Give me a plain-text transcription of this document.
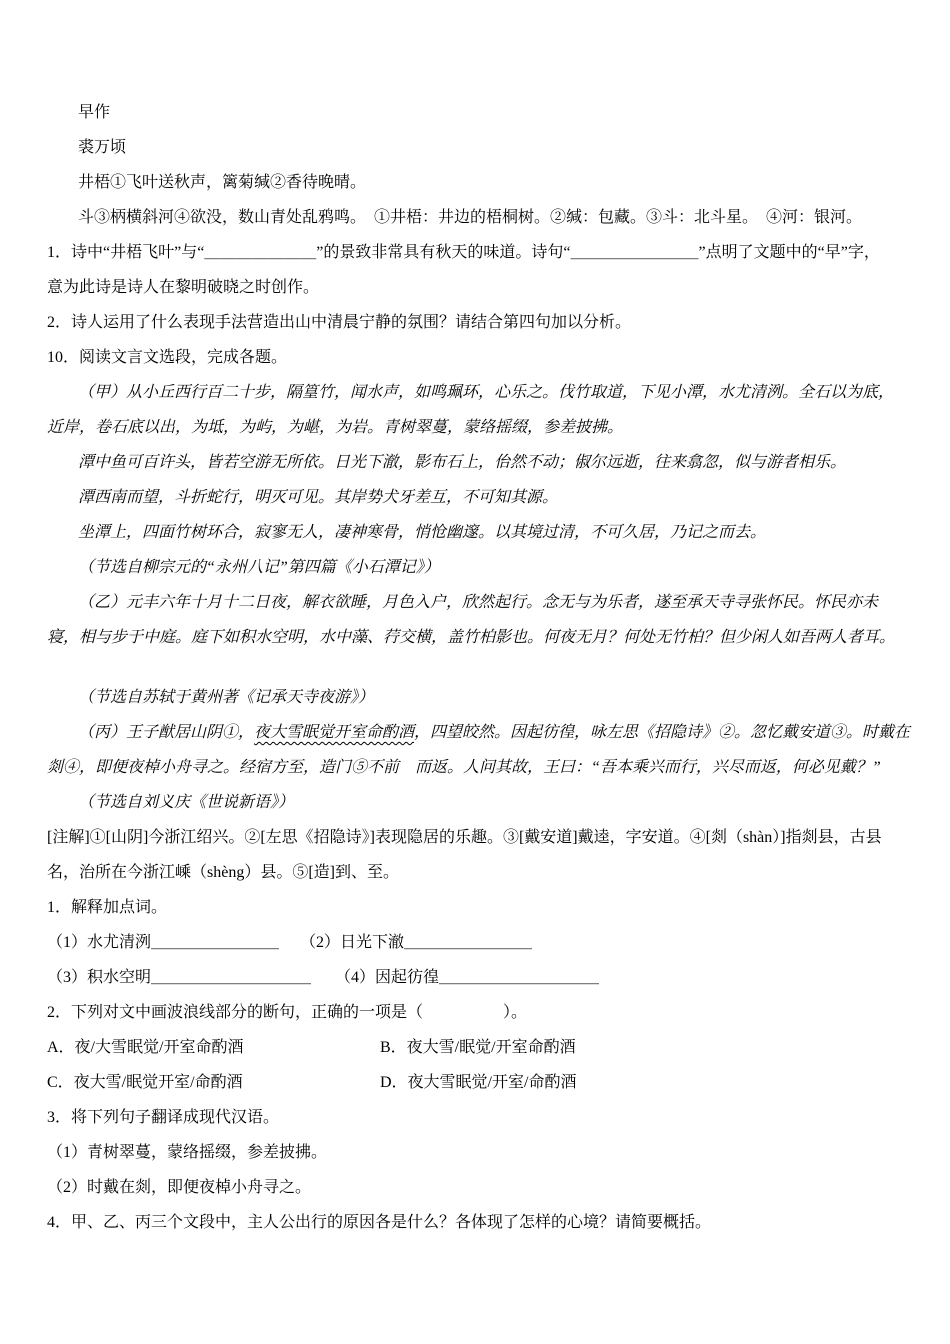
早作

裘万顷

井梧①飞叶送秋声，篱菊缄②香待晚晴。

斗③柄横斜河④欲没，数山青处乱鸦鸣。　①井梧：井边的梧桐树。②缄：包藏。③斗：北斗星。　④河：银河。

1．诗中“井梧飞叶”与“＿＿＿＿＿＿＿”的景致非常具有秋天的味道。诗句“＿＿＿＿＿＿＿＿”点明了文题中的“早”字，

意为此诗是诗人在黎明破晓之时创作。

2．诗人运用了什么表现手法营造出山中清晨宁静的氛围？请结合第四句加以分析。

10．阅读文言文选段，完成各题。

（甲）从小丘西行百二十步，隔篁竹，闻水声，如鸣珮环，心乐之。伐竹取道，下见小潭，水尤清洌。全石以为底，

近岸，卷石底以出，为坻，为屿，为嵁，为岩。青树翠蔓，蒙络摇缀，参差披拂。

潭中鱼可百许头，皆若空游无所依。日光下澈，影布石上，佁然不动；俶尔远逝，往来翕忽，似与游者相乐。

潭西南而望，斗折蛇行，明灭可见。其岸势犬牙差互，不可知其源。

坐潭上，四面竹树环合，寂寥无人，凄神寒骨，悄怆幽邃。以其境过清，不可久居，乃记之而去。

（节选自柳宗元的“永州八记”第四篇《小石潭记》）

（乙）元丰六年十月十二日夜，解衣欲睡，月色入户，欣然起行。念无与为乐者，遂至承天寺寻张怀民。怀民亦未

寝，相与步于中庭。庭下如积水空明，水中藻、荇交横，盖竹柏影也。何夜无月？何处无竹柏？但少闲人如吾两人者耳。

（节选自苏轼于黄州著《记承天寺夜游》）

（丙）王子猷居山阴①，夜大雪眠觉开室命酌酒，四望皎然。因起彷徨，咏左思《招隐诗》②。忽忆戴安道③。时戴在

剡④，即便夜棹小舟寻之。经宿方至，造门⑤不前　而返。人问其故，王曰：“吾本乘兴而行，兴尽而返，何必见戴？”

（节选自刘义庆《世说新语》）

[注解]①[山阴]今浙江绍兴。②[左思《招隐诗》]表现隐居的乐趣。③[戴安道]戴逵，字安道。④[剡（shàn）]指剡县，古县

名，治所在今浙江嵊（shèng）县。⑤[造]到、至。

1．解释加点词。

（1）水尤清洌＿＿＿＿＿＿＿＿ （2）日光下澈＿＿＿＿＿＿＿＿

（3）积水空明＿＿＿＿＿＿＿＿＿＿ （4）因起彷徨＿＿＿＿＿＿＿＿＿＿

2．下列对文中画波浪线部分的断句，正确的一项是（　　　　　）。

A．夜/大雪眠觉/开室命酌酒	B．夜大雪/眠觉/开室命酌酒

C．夜大雪/眠觉开室/命酌酒	D．夜大雪眠觉/开室/命酌酒

3．将下列句子翻译成现代汉语。

（1）青树翠蔓，蒙络摇缀，参差披拂。

（2）时戴在剡，即便夜棹小舟寻之。

4．甲、乙、丙三个文段中，主人公出行的原因各是什么？各体现了怎样的心境？请简要概括。
